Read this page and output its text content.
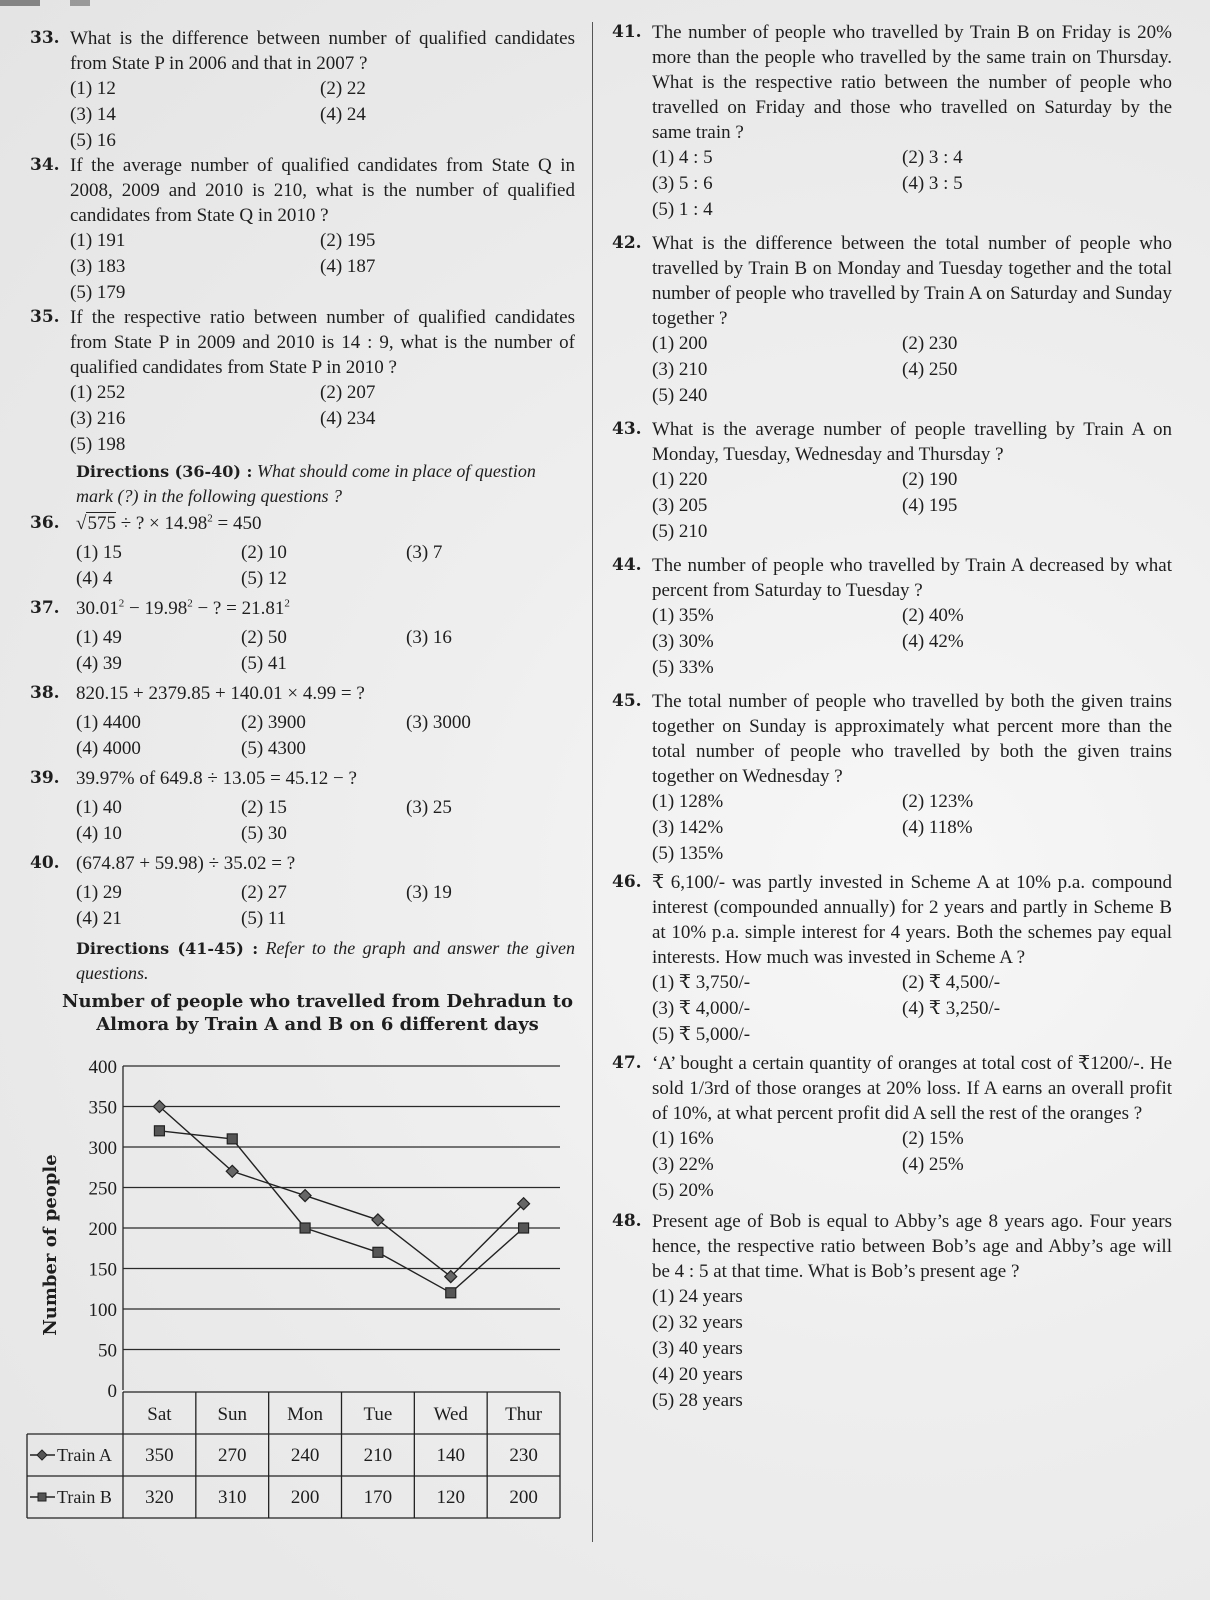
33. What is the difference between number of qualified candidates from State P in 2006 and that in 2007 ?
(1) 12	(2) 22
(3) 14	(4) 24
(5) 16
34. If the average number of qualified candidates from State Q in 2008, 2009 and 2010 is 210, what is the number of qualified candidates from State Q in 2010 ?
(1) 191	(2) 195
(3) 183	(4) 187
(5) 179
35. If the respective ratio between number of qualified candidates from State P in 2009 and 2010 is 14 : 9, what is the number of qualified candidates from State P in 2010 ?
(1) 252	(2) 207
(3) 216	(4) 234
(5) 198
Directions (36-40) : What should come in place of question mark (?) in the following questions ?
36. √575 ÷ ? × $14.98^2 = 450$
(1) 15	(2) 10	(3) 7
(4) 4	(5) 12
37. $30.01^2 - 19.98^2$ − ? = $21.81^2$
(1) 49	(2) 50	(3) 16
(4) 39	(5) 41
38. 820.15 + 2379.85 + 140.01 × 4.99 = ?
(1) 4400	(2) 3900	(3) 3000
(4) 4000	(5) 4300
39. 39.97% of 649.8 ÷ 13.05 = 45.12 − ?
(1) 40	(2) 15	(3) 25
(4) 10	(5) 30
40. (674.87 + 59.98) ÷ 35.02 = ?
(1) 29	(2) 27	(3) 19
(4) 21	(5) 11
Directions (41-45) : Refer to the graph and answer the given questions.
Number of people who travelled from Dehradun to
Almora by Train A and B on 6 different days
Number of people
0
50
100
150
200
250
300
350
400
Sat Sun Mon Tue Wed Thur
Train A 350 270 240 210 140 230
Train B 320 310 200 170 120 200
41. The number of people who travelled by Train B on Friday is 20% more than the people who travelled by the same train on Thursday. What is the respective ratio between the number of people who travelled on Friday and those who travelled on Saturday by the same train ?
(1) 4 : 5	(2) 3 : 4
(3) 5 : 6	(4) 3 : 5
(5) 1 : 4
42. What is the difference between the total number of people who travelled by Train B on Monday and Tuesday together and the total number of people who travelled by Train A on Saturday and Sunday together ?
(1) 200	(2) 230
(3) 210	(4) 250
(5) 240
43. What is the average number of people travelling by Train A on Monday, Tuesday, Wednesday and Thursday ?
(1) 220	(2) 190
(3) 205	(4) 195
(5) 210
44. The number of people who travelled by Train A decreased by what percent from Saturday to Tuesday ?
(1) 35%	(2) 40%
(3) 30%	(4) 42%
(5) 33%
45. The total number of people who travelled by both the given trains together on Sunday is approximately what percent more than the total number of people who travelled by both the given trains together on Wednesday ?
(1) 128%	(2) 123%
(3) 142%	(4) 118%
(5) 135%
46. ₹ 6,100/- was partly invested in Scheme A at 10% p.a. compound interest (compounded annually) for 2 years and partly in Scheme B at 10% p.a. simple interest for 4 years. Both the schemes pay equal interests. How much was invested in Scheme A ?
(1) ₹ 3,750/-	(2) ₹ 4,500/-
(3) ₹ 4,000/-	(4) ₹ 3,250/-
(5) ₹ 5,000/-
47. ‘A’ bought a certain quantity of oranges at total cost of ₹1200/-. He sold 1/3rd of those oranges at 20% loss. If A earns an overall profit of 10%, at what percent profit did A sell the rest of the oranges ?
(1) 16%	(2) 15%
(3) 22%	(4) 25%
(5) 20%
48. Present age of Bob is equal to Abby’s age 8 years ago. Four years hence, the respective ratio between Bob’s age and Abby’s age will be 4 : 5 at that time. What is Bob’s present age ?
(1) 24 years
(2) 32 years
(3) 40 years
(4) 20 years
(5) 28 years
